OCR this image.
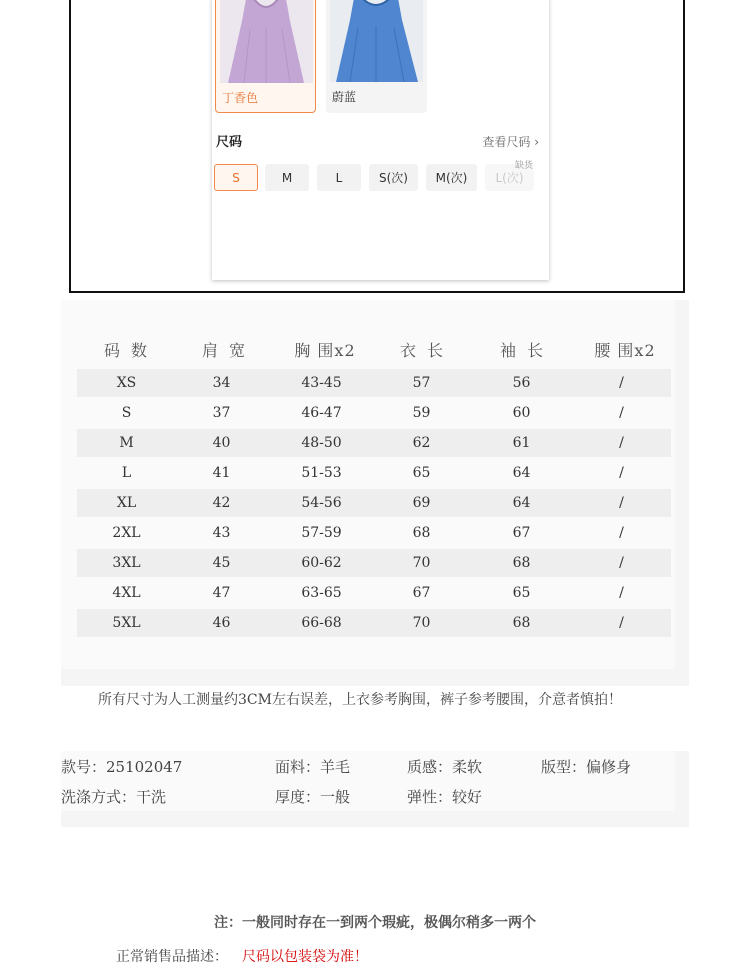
丁香色	蔚蓝
尺码	查看尺码 ›
S	M	L	S(次)	M(次)	L(次)
缺货
码 数	肩 宽	胸 围x2	衣 长	袖 长	腰 围x2
XS	34	43-45	57	56	/
S	37	46-47	59	60	/
M	40	48-50	62	61	/
L	41	51-53	65	64	/
XL	42	54-56	69	64	/
2XL	43	57-59	68	67	/
3XL	45	60-62	70	68	/
4XL	47	63-65	67	65	/
5XL	46	66-68	70	68	/
所有尺寸为人工测量约3CM左右误差，上衣参考胸围，裤子参考腰围，介意者慎拍！
款号：25102047	面料：羊毛	质感：柔软	版型：偏修身
洗涤方式：干洗	厚度：一般	弹性：较好
注：一般同时存在一到两个瑕疵，极偶尔稍多一两个
正常销售品描述： 尺码以包装袋为准！
